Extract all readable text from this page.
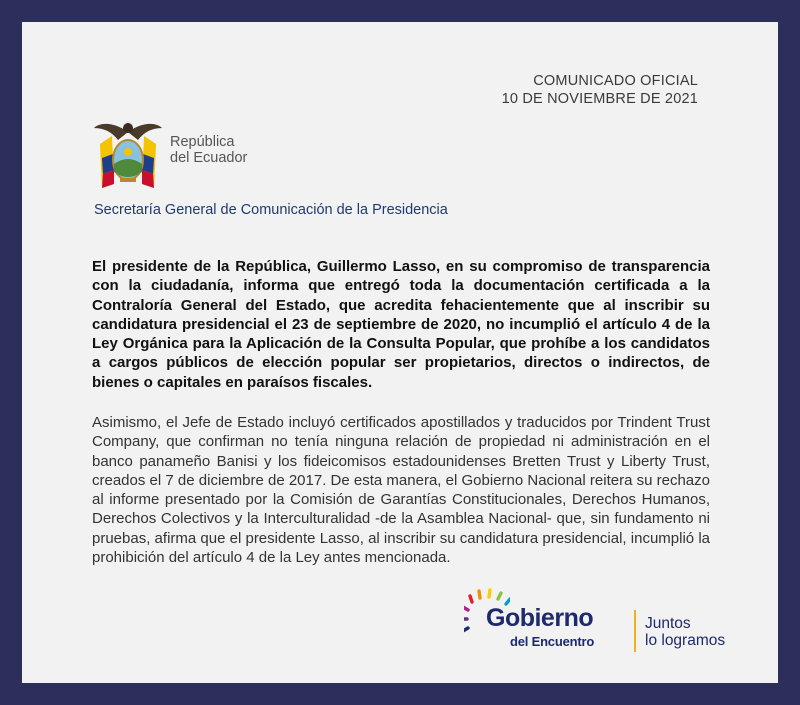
COMUNICADO OFICIAL
10 DE NOVIEMBRE DE 2021
República
del Ecuador
Secretaría General de Comunicación de la Presidencia

El presidente de la República, Guillermo Lasso, en su compromiso de transparencia con la ciudadanía, informa que entregó toda la documentación certificada a la Contraloría General del Estado, que acredita fehacientemente que al inscribir su candidatura presidencial el 23 de septiembre de 2020, no incumplió el artículo 4 de la Ley Orgánica para la Aplicación de la Consulta Popular, que prohíbe a los candidatos a cargos públicos de elección popular ser propietarios, directos o indirectos, de bienes o capitales en paraísos fiscales.

Asimismo, el Jefe de Estado incluyó certificados apostillados y traducidos por Trindent Trust Company, que confirman no tenía ninguna relación de propiedad ni administración en el banco panameño Banisi y los fideicomisos estadounidenses Bretten Trust y Liberty Trust, creados el 7 de diciembre de 2017. De esta manera, el Gobierno Nacional reitera su rechazo al informe presentado por la Comisión de Garantías Constitucionales, Derechos Humanos, Derechos Colectivos y la Interculturalidad -de la Asamblea Nacional- que, sin fundamento ni pruebas, afirma que el presidente Lasso, al inscribir su candidatura presidencial, incumplió la prohibición del artículo 4 de la Ley antes mencionada.

Gobierno
del Encuentro
Juntos
lo logramos
